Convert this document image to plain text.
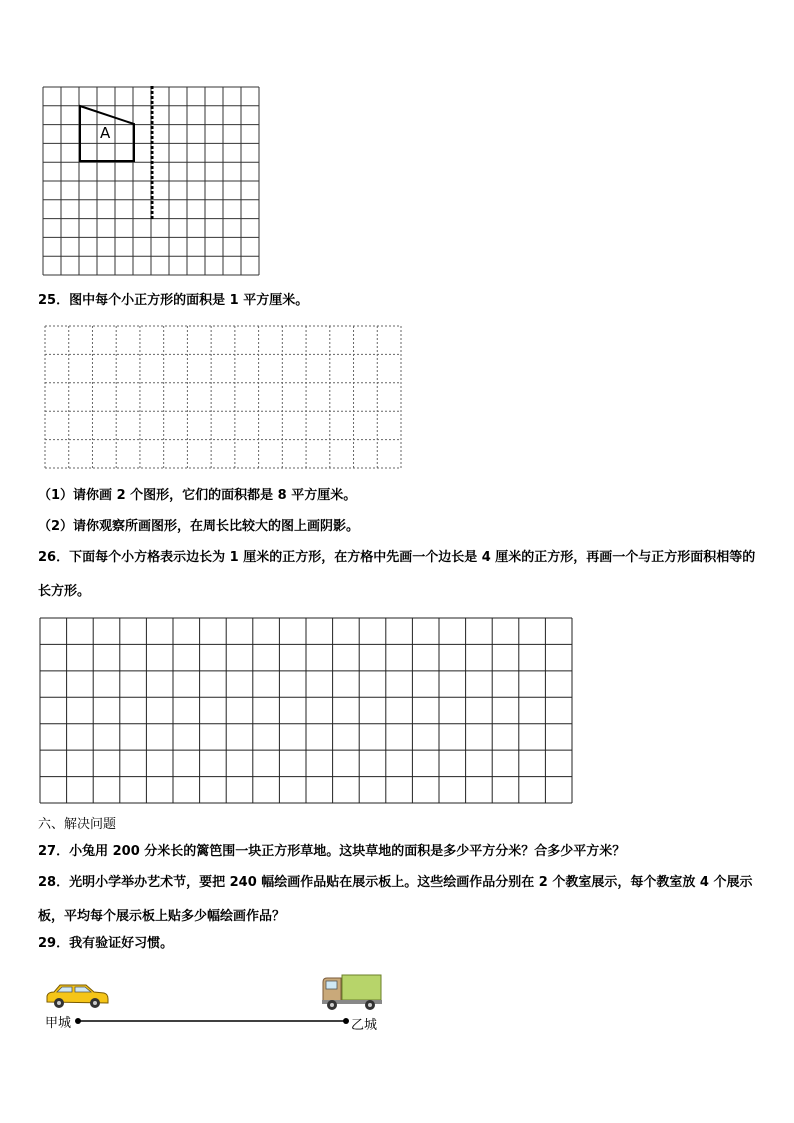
A
25．图中每个小正方形的面积是 1 平方厘米。
（1）请你画 2 个图形，它们的面积都是 8 平方厘米。
（2）请你观察所画图形，在周长比较大的图上画阴影。
26．下面每个小方格表示边长为 1 厘米的正方形，在方格中先画一个边长是 4 厘米的正方形，再画一个与正方形面积相等的长方形。
六、解决问题
27．小兔用 200 分米长的篱笆围一块正方形草地。这块草地的面积是多少平方分米？合多少平方米？
28．光明小学举办艺术节，要把 240 幅绘画作品贴在展示板上。这些绘画作品分别在 2 个教室展示，每个教室放 4 个展示板，平均每个展示板上贴多少幅绘画作品？
29．我有验证好习惯。
甲城	乙城
